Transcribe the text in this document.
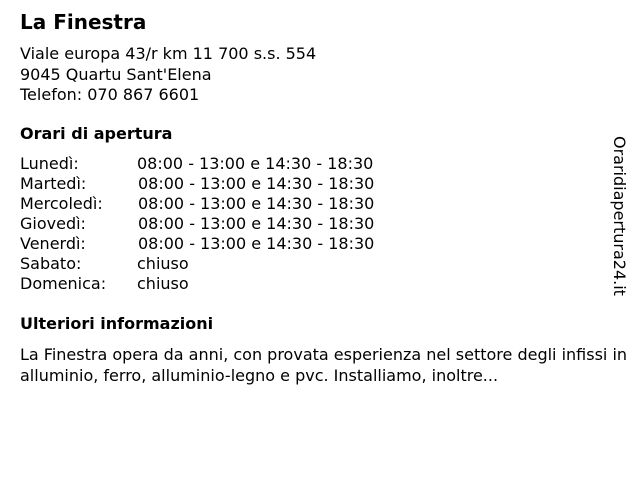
La Finestra
Viale europa 43/r km 11 700 s.s. 554
9045 Quartu Sant'Elena
Telefon: 070 867 6601
Orari di apertura
Lunedì:	08:00 - 13:00 e 14:30 - 18:30
Martedì:	08:00 - 13:00 e 14:30 - 18:30
Mercoledì: 08:00 - 13:00 e 14:30 - 18:30
Giovedì:	08:00 - 13:00 e 14:30 - 18:30
Venerdì:	08:00 - 13:00 e 14:30 - 18:30
Sabato:	chiuso
Domenica: chiuso
Ulteriori informazioni

La Finestra opera da anni, con provata esperienza nel settore degli infissi in alluminio, ferro, alluminio-legno e pvc. Installiamo, inoltre...

Oraridiapertura24.it
